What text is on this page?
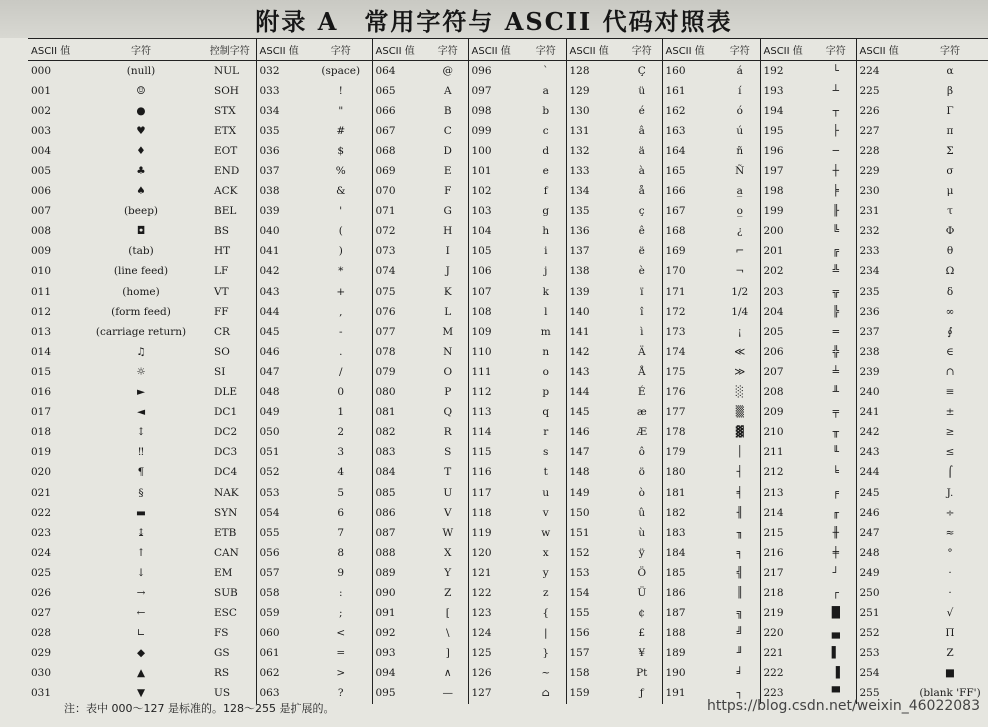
附录 A　常用字符与 ASCII 代码对照表
ASCII 值	字符	控制字符	ASCII 值	字符	ASCII 值	字符	ASCII 值	字符	ASCII 值	字符	ASCII 值	字符	ASCII 值	字符	ASCII 值	字符
000	(null)	NUL	032	(space)	064	@	096	`	128	Ç	160	á	192	└	224	α
001	☺	SOH	033	!	065	A	097	a	129	ü	161	í	193	┴	225	β
002	●	STX	034	"	066	B	098	b	130	é	162	ó	194	┬	226	Γ
003	♥	ETX	035	#	067	C	099	c	131	â	163	ú	195	├	227	π
004	♦	EOT	036	$	068	D	100	d	132	ä	164	ñ	196	─	228	Σ
005	♣	END	037	%	069	E	101	e	133	à	165	Ñ	197	┼	229	σ
006	♠	ACK	038	&	070	F	102	f	134	å	166	a̲	198	╞	230	μ
007	(beep)	BEL	039	'	071	G	103	g	135	ç	167	o̲	199	╟	231	τ
008	◘	BS	040	(	072	H	104	h	136	ê	168	¿	200	╚	232	Φ
009	(tab)	HT	041	)	073	I	105	i	137	ë	169	⌐	201	╔	233	θ
010	(line feed)	LF	042	*	074	J	106	j	138	è	170	¬	202	╩	234	Ω
011	(home)	VT	043	+	075	K	107	k	139	ï	171	1/2	203	╦	235	δ
012	(form feed)	FF	044	,	076	L	108	l	140	î	172	1/4	204	╠	236	∞
013	(carriage return)	CR	045	-	077	M	109	m	141	ì	173	¡	205	═	237	∮
014	♫	SO	046	.	078	N	110	n	142	Ä	174	≪	206	╬	238	∈
015	☼	SI	047	/	079	O	111	o	143	Å	175	≫	207	╧	239	∩
016	►	DLE	048	0	080	P	112	p	144	É	176	░	208	╨	240	≡
017	◄	DC1	049	1	081	Q	113	q	145	æ	177	▒	209	╤	241	±
018	↕	DC2	050	2	082	R	114	r	146	Æ	178	▓	210	╥	242	≥
019	‼	DC3	051	3	083	S	115	s	147	ô	179	│	211	╙	243	≤
020	¶	DC4	052	4	084	T	116	t	148	ö	180	┤	212	╘	244	⌠
021	§	NAK	053	5	085	U	117	u	149	ò	181	╡	213	╒	245	J.
022	▬	SYN	054	6	086	V	118	v	150	û	182	╢	214	╓	246	÷
023	↨	ETB	055	7	087	W	119	w	151	ù	183	╖	215	╫	247	≈
024	↑	CAN	056	8	088	X	120	x	152	ÿ	184	╕	216	╪	248	°
025	↓	EM	057	9	089	Y	121	y	153	Ö	185	╣	217	┘	249	·
026	→	SUB	058	:	090	Z	122	z	154	Ü	186	║	218	┌	250	·
027	←	ESC	059	;	091	[	123	{	155	¢	187	╗	219	█	251	√
028	∟	FS	060	<	092	\	124	|	156	£	188	╝	220	▄	252	Π
029	◆	GS	061	=	093	]	125	}	157	¥	189	╜	221	▌	253	Z
030	▲	RS	062	>	094	∧	126	~	158	Pt	190	╛	222	▐	254	■
031	▼	US	063	?	095	—	127	⌂	159	ƒ	191	┐	223	▀	255	(blank 'FF')
注：表中 000～127 是标准的。128～255 是扩展的。	https://blog.csdn.net/weixin_46022083
